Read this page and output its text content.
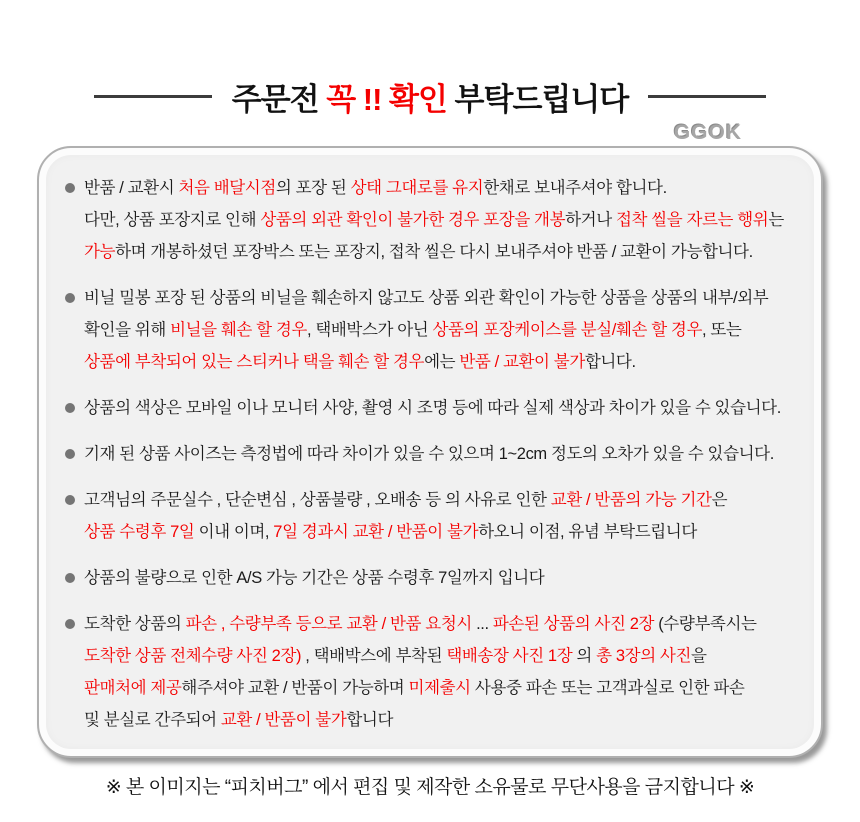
주문전 꼭 !! 확인 부탁드립니다
GGOK
반품 / 교환시 처음 배달시점의 포장 된 상태 그대로를 유지한채로 보내주셔야 합니다.
다만, 상품 포장지로 인해 상품의 외관 확인이 불가한 경우 포장을 개봉하거나 접착 씰을 자르는 행위는
가능하며 개봉하셨던 포장박스 또는 포장지, 접착 씰은 다시 보내주셔야 반품 / 교환이 가능합니다.
비닐 밀봉 포장 된 상품의 비닐을 훼손하지 않고도 상품 외관 확인이 가능한 상품을 상품의 내부/외부
확인을 위해 비닐을 훼손 할 경우, 택배박스가 아닌 상품의 포장케이스를 분실/훼손 할 경우, 또는
상품에 부착되어 있는 스티커나 택을 훼손 할 경우에는 반품 / 교환이 불가합니다.
상품의 색상은 모바일 이나 모니터 사양, 촬영 시 조명 등에 따라 실제 색상과 차이가 있을 수 있습니다.
기재 된 상품 사이즈는 측정법에 따라 차이가 있을 수 있으며 1~2cm 정도의 오차가 있을 수 있습니다.
고객님의 주문실수 , 단순변심 , 상품불량 , 오배송 등 의 사유로 인한 교환 / 반품의 가능 기간은
상품 수령후 7일 이내 이며, 7일 경과시 교환 / 반품이 불가하오니 이점, 유념 부탁드립니다
상품의 불량으로 인한 A/S 가능 기간은 상품 수령후 7일까지 입니다
도착한 상품의 파손 , 수량부족 등으로 교환 / 반품 요청시 ... 파손된 상품의 사진 2장 (수량부족시는
도착한 상품 전체수량 사진 2장) , 택배박스에 부착된 택배송장 사진 1장 의 총 3장의 사진을
판매처에 제공해주셔야 교환 / 반품이 가능하며 미제출시 사용중 파손 또는 고객과실로 인한 파손
및 분실로 간주되어 교환 / 반품이 불가합니다
※ 본 이미지는 “피치버그” 에서 편집 및 제작한 소유물로 무단사용을 금지합니다 ※
